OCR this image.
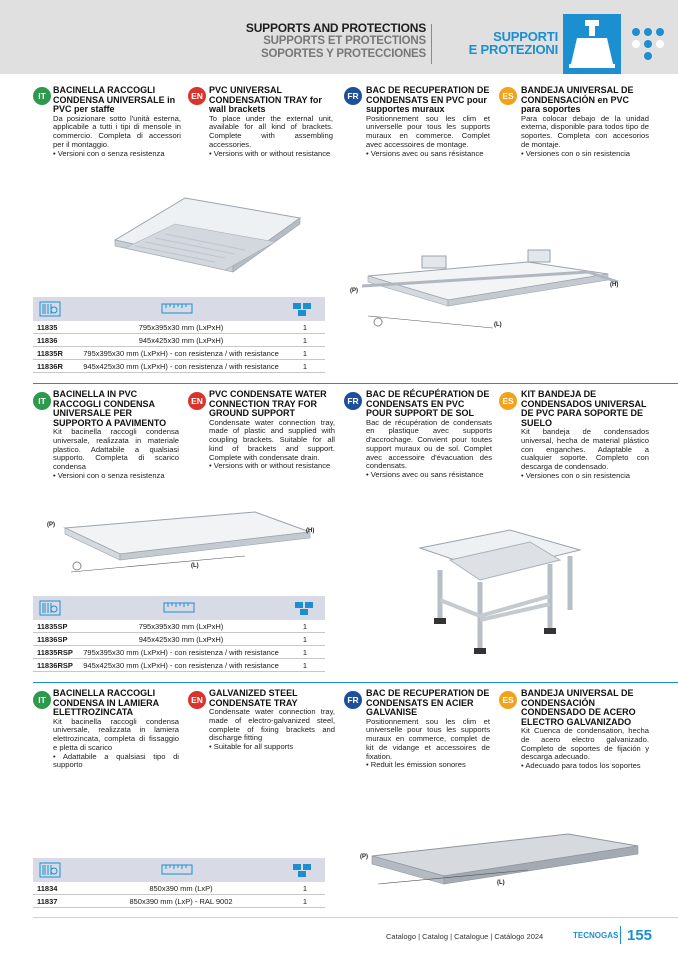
SUPPORTS AND PROTECTIONS
SUPPORTS ET PROTECTIONS
SOPORTES Y PROTECCIONES
SUPPORTI
E PROTEZIONI
IT
BACINELLA RACCOGLI CONDENSA UNIVERSALE in PVC per staffe
Da posizionare sotto l'unità esterna, applicabile a tutti i tipi di mensole in commercio. Completa di accessori per il montaggio.
• Versioni con o senza resistenza
EN
PVC UNIVERSAL CONDENSATION TRAY for wall brackets
To place under the external unit, available for all kind of brackets. Complete with assembling accessories.
• Versions with or without resistance
FR
BAC DE RECUPERATION DE CONDENSATS EN PVC pour supportes muraux
Positionnement sou les clim et universelle pour tous les supports muraux en commerce. Complet avec accessoires de montage.
• Versions avec ou sans résistance
ES
BANDEJA UNIVERSAL DE CONDENSACIÓN en PVC para soportes
Para colocar debajo de la unidad externa, disponible para todos tipo de soportes. Completa con accesorios de montaje.
• Versiones con o sin resistencia
(P)
(L)
(H)
11835	795x395x30 mm (LxPxH)	1
11836	945x425x30 mm (LxPxH)	1
11835R	795x395x30 mm (LxPxH) - con resistenza / with resistance	1
11836R	945x425x30 mm (LxPxH) - con resistenza / with resistance	1
IT
BACINELLA IN PVC RACCOGLI CONDENSA UNIVERSALE PER SUPPORTO A PAVIMENTO
Kit bacinella raccogli condensa universale, realizzata in materiale plastico. Adattabile a qualsiasi supporto. Completa di scarico condensa
• Versioni con o senza resistenza
EN
PVC CONDENSATE WATER CONNECTION TRAY FOR GROUND SUPPORT
Condensate water connection tray, made of plastic and supplied with coupling brackets. Suitable for all kind of brackets and support. Complete with condensate drain.
• Versions with or without resistance
FR
BAC DE RÉCUPÉRATION DE CONDENSATS EN PVC POUR SUPPORT DE SOL
Bac de récupération de condensats en plastique avec supports d'accrochage. Convient pour toutes support muraux ou de sol. Complet avec accessoire d'évacuation des condensats.
• Versions avec ou sans résistance
ES
KIT BANDEJA DE CONDENSADOS UNIVERSAL DE PVC PARA SOPORTE DE SUELO
Kit bandeja de condensados universal, hecha de material plástico con enganches. Adaptable a cualquier soporte. Completo con descarga de condensado.
• Versiones con o sin resistencia
(P)
(L)
(H)
11835SP	795x395x30 mm (LxPxH)	1
11836SP	945x425x30 mm (LxPxH)	1
11835RSP	795x395x30 mm (LxPxH) - con resistenza / with resistance	1
11836RSP	945x425x30 mm (LxPxH) - con resistenza / with resistance	1
IT
BACINELLA RACCOGLI CONDENSA IN LAMIERA ELETTROZINCATA
Kit bacinella raccogli condensa universale, realizzata in lamiera elettrozincata, completa di fissaggio e pletta di scarico
• Adattabile a qualsiasi tipo di supporto
EN
GALVANIZED STEEL CONDENSATE TRAY
Condensate water connection tray, made of electro-galvanized steel, complete of fixing brackets and discharge fitting
• Suitable for all supports
FR
BAC DE RECUPERATION DE CONDENSATS EN ACIER GALVANISE
Positionnement sou les clim et universelle pour tous les supports muraux en commerce, complet de kit de vidange et accessoires de fixation.
• Reduit les émission sonores
ES
BANDEJA UNIVERSAL DE CONDENSACIÓN CONDENSADO DE ACERO ELECTRO GALVANIZADO
Kit Cuenca de condensation, hecha de acero electro galvanizado. Completo de soportes de fijación y descarga adecuado.
• Adecuado para todos los soportes
(P)
(L)
11834	850x390 mm (LxP)	1
11837	850x390 mm (LxP) - RAL 9002	1
Catalogo | Catalog | Catalogue | Catálogo 2024	TECNOGAS 155
